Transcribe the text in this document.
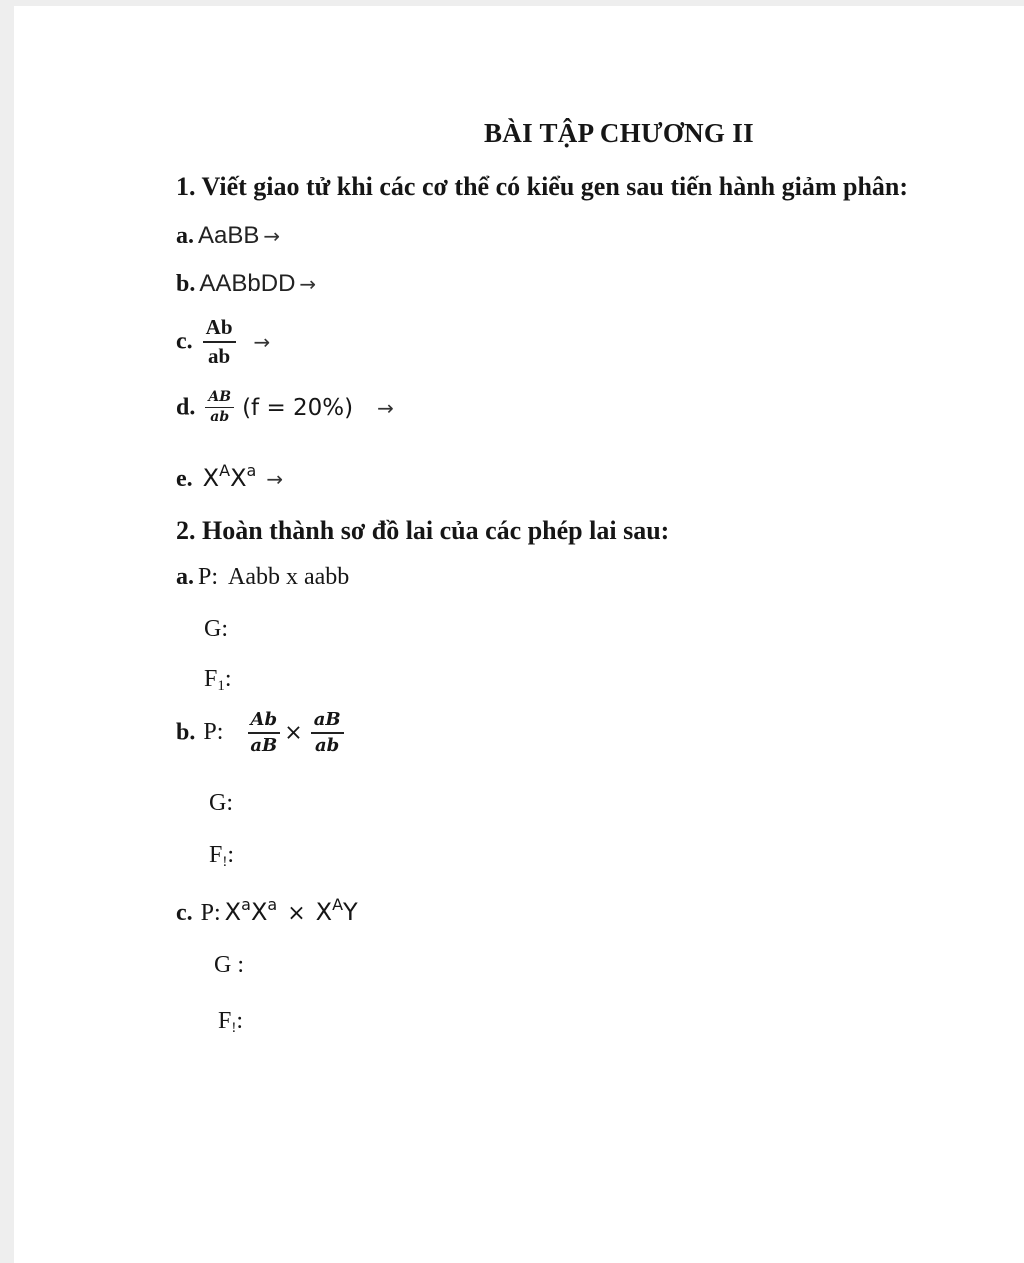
BÀI TẬP CHƯƠNG II
1. Viết giao tử khi các cơ thể có kiểu gen sau tiến hành giảm phân:
a. AaBB →
b. AABbDD →
c. $\frac{Ab}{ab}$ →
d. $\frac{AB}{ab} (f = 20\%)$ →
e. $X^AX^a$ →
2. Hoàn thành sơ đồ lai của các phép lai sau:
a. P: Aabb x aabb
G:
$F_1$:
b. P: $\frac{Ab}{aB} \times \frac{aB}{ab}$
G:
$F_!$:
c. P: $X^aX^a \times X^AY$
G :
$F_!$:
